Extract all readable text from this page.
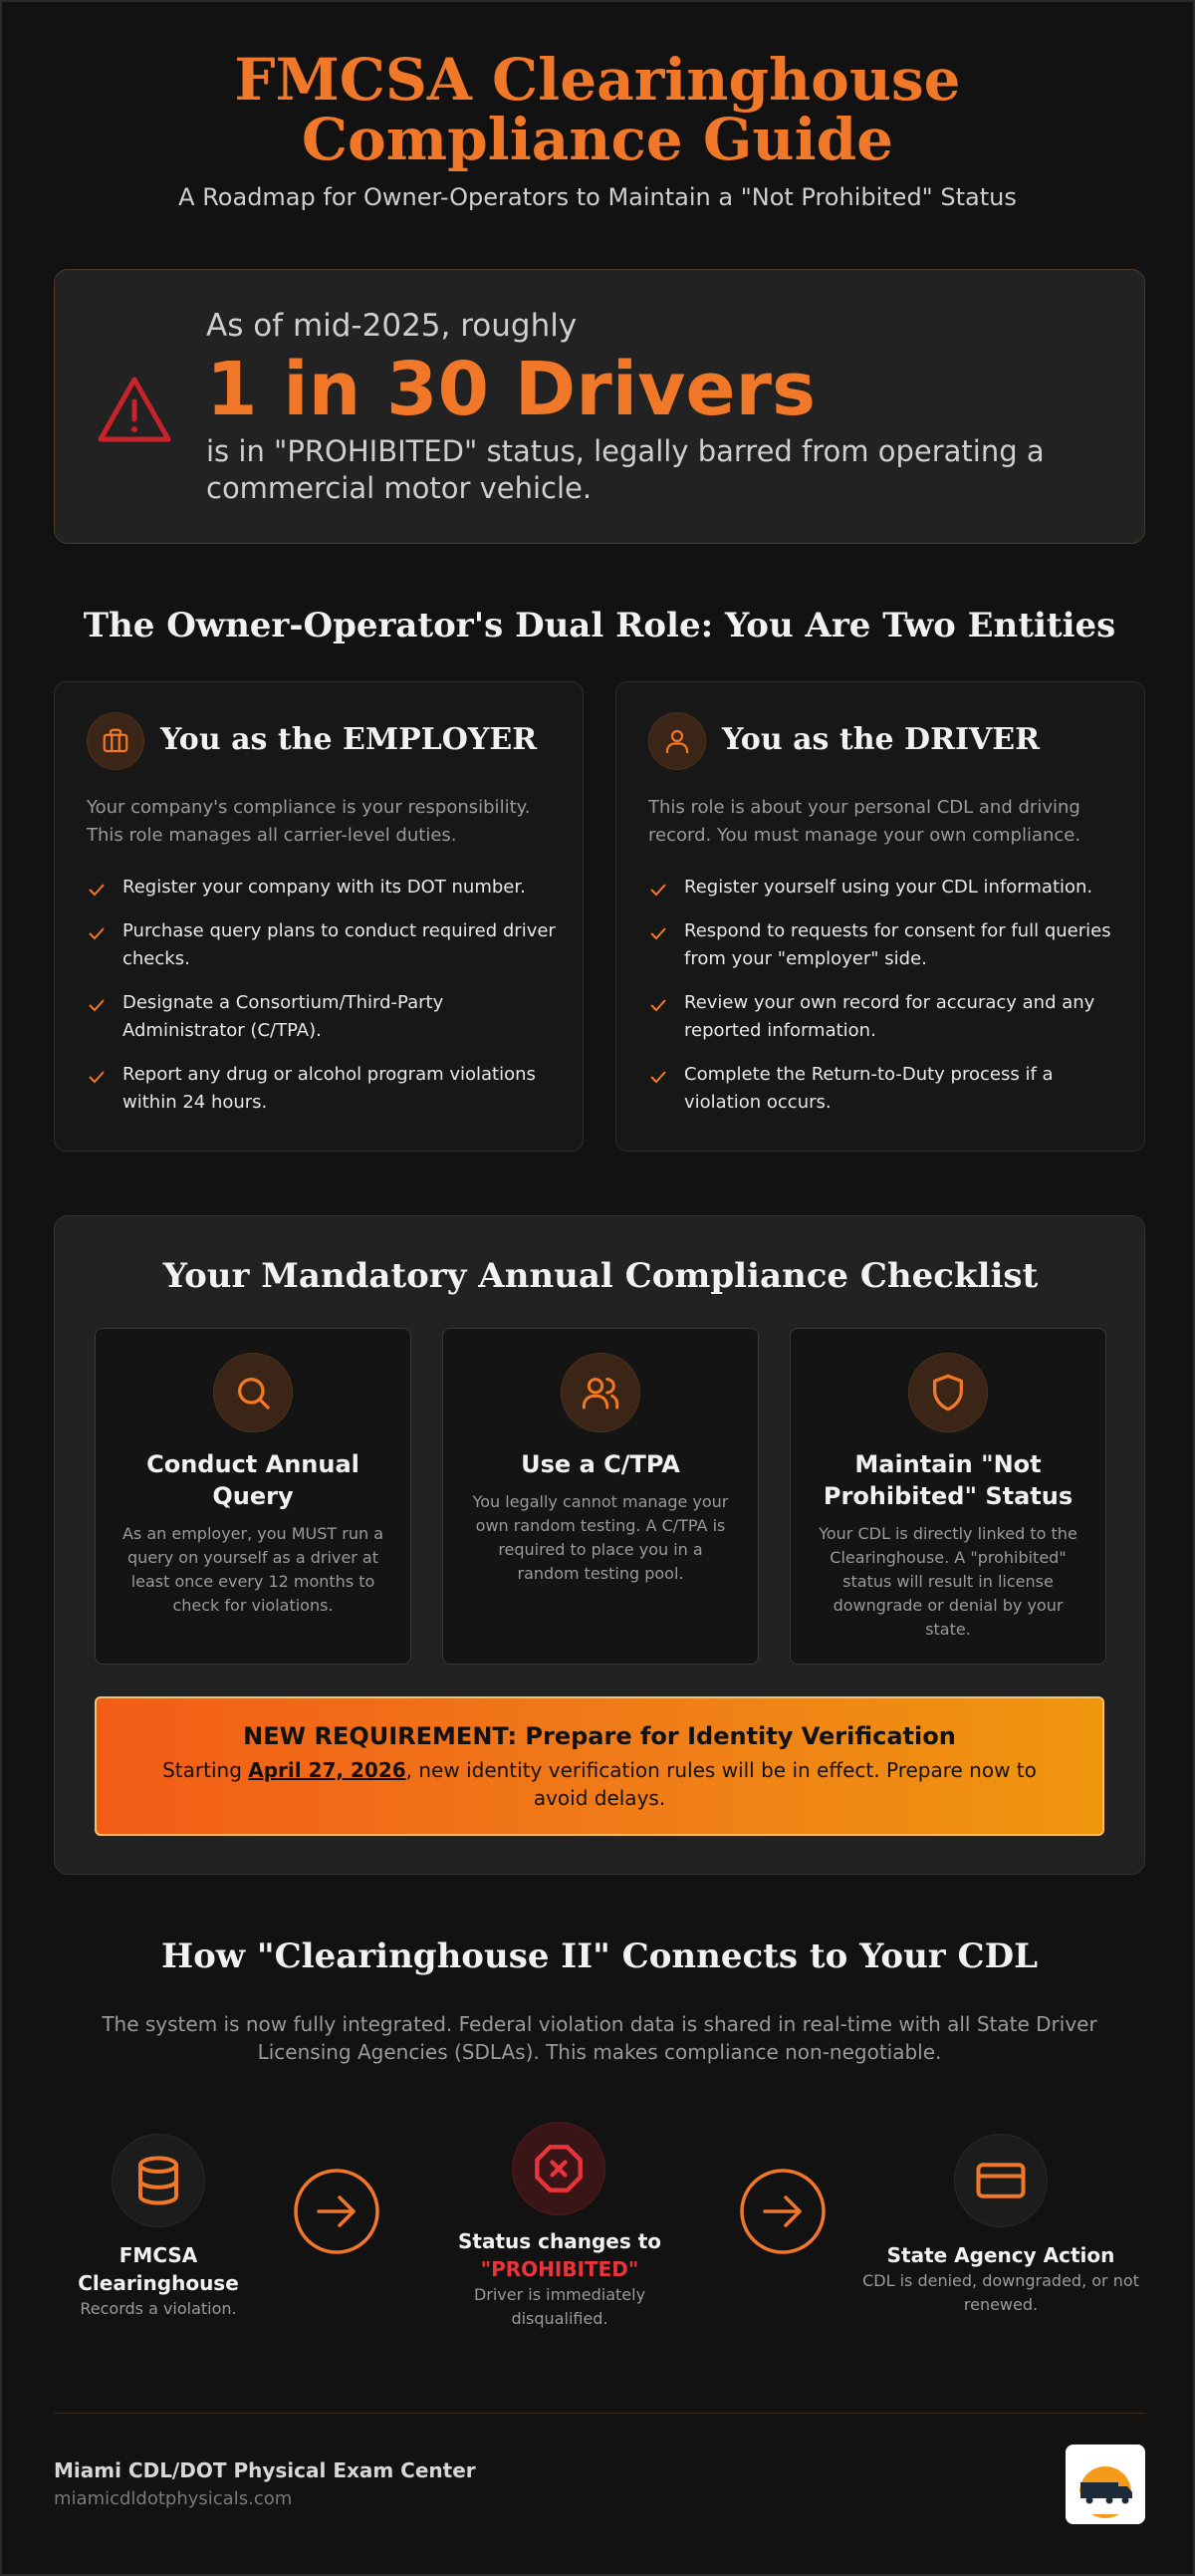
FMCSA Clearinghouse Compliance Guide

A Roadmap for Owner-Operators to Maintain a "Not Prohibited" Status

As of mid-2025, roughly
1 in 30 Drivers
is in "PROHIBITED" status, legally barred from operating a commercial motor vehicle.
The Owner-Operator's Dual Role: You Are Two Entities
You as the EMPLOYER
Your company's compliance is your responsibility. This role manages all carrier-level duties.
Register your company with its DOT number.
Purchase query plans to conduct required driver checks.
Designate a Consortium/Third-Party Administrator (C/TPA).
Report any drug or alcohol program violations within 24 hours.
You as the DRIVER
This role is about your personal CDL and driving record. You must manage your own compliance.
Register yourself using your CDL information.
Respond to requests for consent for full queries from your "employer" side.
Review your own record for accuracy and any reported information.
Complete the Return-to-Duty process if a violation occurs.
Your Mandatory Annual Compliance Checklist
Conduct Annual Query
As an employer, you MUST run a query on yourself as a driver at least once every 12 months to check for violations.
Use a C/TPA
You legally cannot manage your own random testing. A C/TPA is required to place you in a random testing pool.
Maintain "Not Prohibited" Status
Your CDL is directly linked to the Clearinghouse. A "prohibited" status will result in license downgrade or denial by your state.
NEW REQUIREMENT: Prepare for Identity Verification
Starting April 27, 2026, new identity verification rules will be in effect. Prepare now to avoid delays.
How "Clearinghouse II" Connects to Your CDL

The system is now fully integrated. Federal violation data is shared in real-time with all State Driver Licensing Agencies (SDLAs). This makes compliance non-negotiable.

FMCSA Clearinghouse
Records a violation.
Status changes to
"PROHIBITED"
Driver is immediately disqualified.
State Agency Action
CDL is denied, downgraded, or not renewed.
Miami CDL/DOT Physical Exam Center
miamicdldotphysicals.com
